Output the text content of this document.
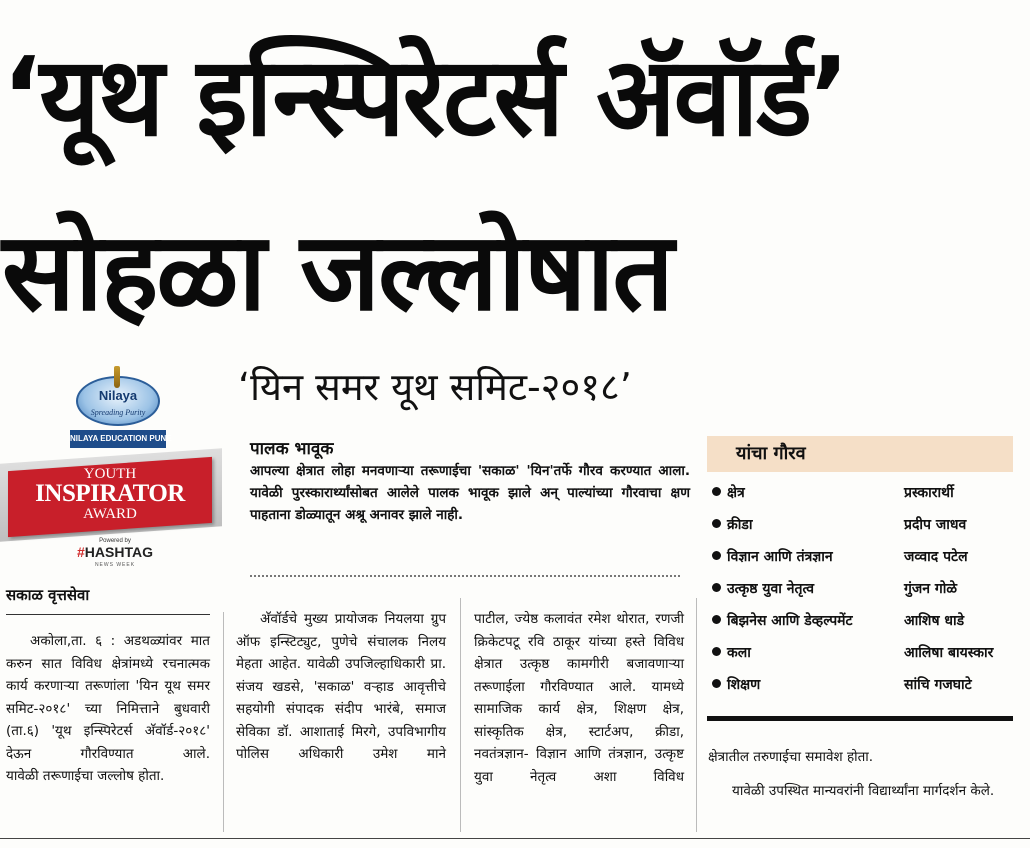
‘यूथ इन्स्पिरेटर्स अ‍ॅवॉर्ड’
सोहळा जल्लोषात
‘यिन समर यूथ समिट-२०१८’
Nilaya
Spreading Purity
NILAYA EDUCATION PUNE
YOUTH
INSPIRATOR
AWARD
Powered by
#HASHTAG
NEWS WEEK
पालक भावूक
आपल्या क्षेत्रात लोहा मनवणाऱ्या तरूणाईचा 'सकाळ' 'यिन'तर्फे गौरव करण्यात आला. यावेळी पुरस्कारार्थ्यांसोबत आलेले पालक भावूक झाले अन् पाल्यांच्या गौरवाचा क्षण पाहताना डोळ्यातून अश्रू अनावर झाले नाही.
यांचा गौरव
क्षेत्र	प्रस्कारार्थी
क्रीडा	प्रदीप जाधव
विज्ञान आणि तंत्रज्ञान	जव्वाद पटेल
उत्कृष्ठ युवा नेतृत्व	गुंजन गोळे
बिझनेस आणि डेव्हल्पमेंट	आशिष धाडे
कला	आलिषा बायस्कार
शिक्षण	सांचि गजघाटे
सकाळ वृत्तसेवा
अकोला,ता. ६ : अडथळ्यांवर मात करुन सात विविध क्षेत्रांमध्ये रचनात्मक कार्य करणाऱ्या तरूणांला 'यिन यूथ समर समिट-२०१८' च्या निमित्ताने बुधवारी (ता.६) 'यूथ इन्स्पिरेटर्स अ‍ॅवॉर्ड-२०१८' देऊन गौरविण्यात आले.
यावेळी तरूणाईचा जल्लोष होता.
अ‍ॅवॉर्डचे मुख्य प्रायोजक नियलया ग्रुप ऑफ इन्स्टिट्युट, पुणेचे संचालक निलय मेहता आहेत. यावेळी उपजिल्हाधिकारी प्रा. संजय खडसे, 'सकाळ' वऱ्हाड आवृत्तीचे सहयोगी संपादक संदीप भारंबे, समाज सेविका डॉ. आशाताई मिरगे, उपविभागीय पोलिस अधिकारी उमेश माने
पाटील, ज्येष्ठ कलावंत रमेश थोरात, रणजी क्रिकेटपटू रवि ठाकूर यांच्या हस्ते विविध क्षेत्रात उत्कृष्ठ कामगीरी बजावणाऱ्या तरूणाईला गौरविण्यात आले. यामध्ये सामाजिक कार्य क्षेत्र, शिक्षण क्षेत्र, सांस्कृतिक क्षेत्र, स्टार्टअप, क्रीडा, नवतंत्रज्ञान- विज्ञान आणि तंत्रज्ञान, उत्कृष्ट युवा नेतृत्व अशा विविध
क्षेत्रातील तरुणाईचा समावेश होता.
यावेळी उपस्थित मान्यवरांनी विद्यार्थ्यांना मार्गदर्शन केले.
